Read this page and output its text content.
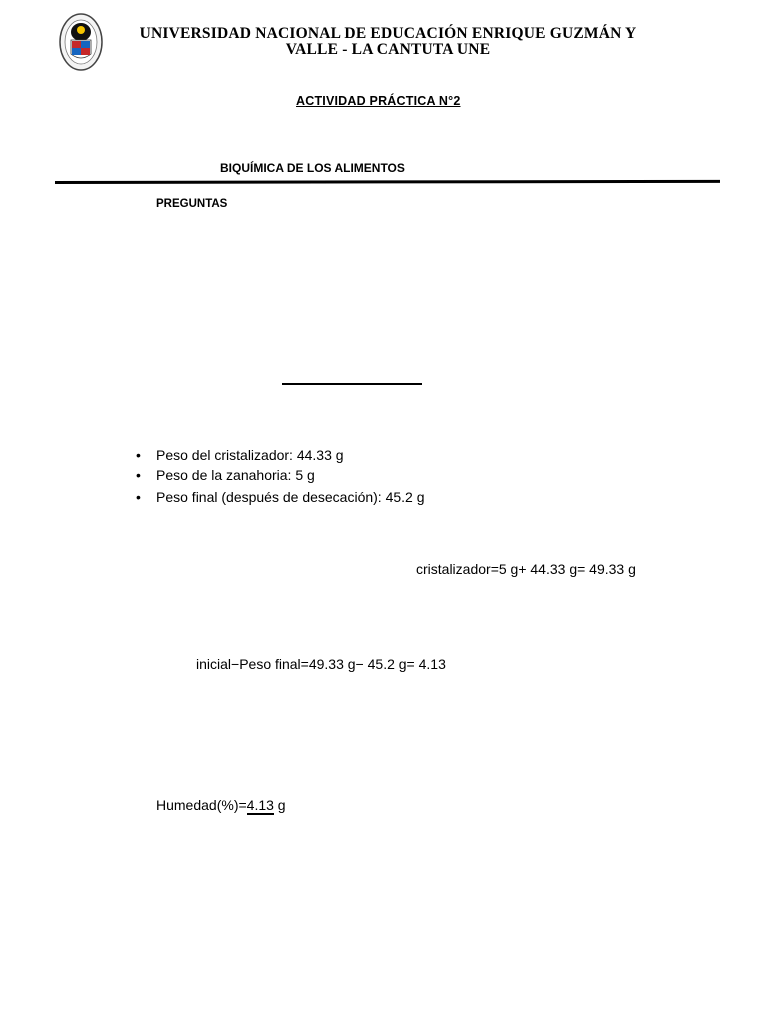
UNIVERSIDAD NACIONAL DE EDUCACIÓN ENRIQUE GUZMÁN Y VALLE - LA CANTUTA UNE
ACTIVIDAD PRÁCTICA N°2
BIQUÍMICA DE LOS ALIMENTOS
PREGUNTAS
• Peso del cristalizador: 44.33 g
• Peso de la zanahoria: 5 g
• Peso final (después de desecación): 45.2 g
cristalizador=5 g+ 44.33 g= 49.33 g
inicial−Peso final=49.33 g− 45.2 g= 4.13
Humedad(%)=4.13 g
